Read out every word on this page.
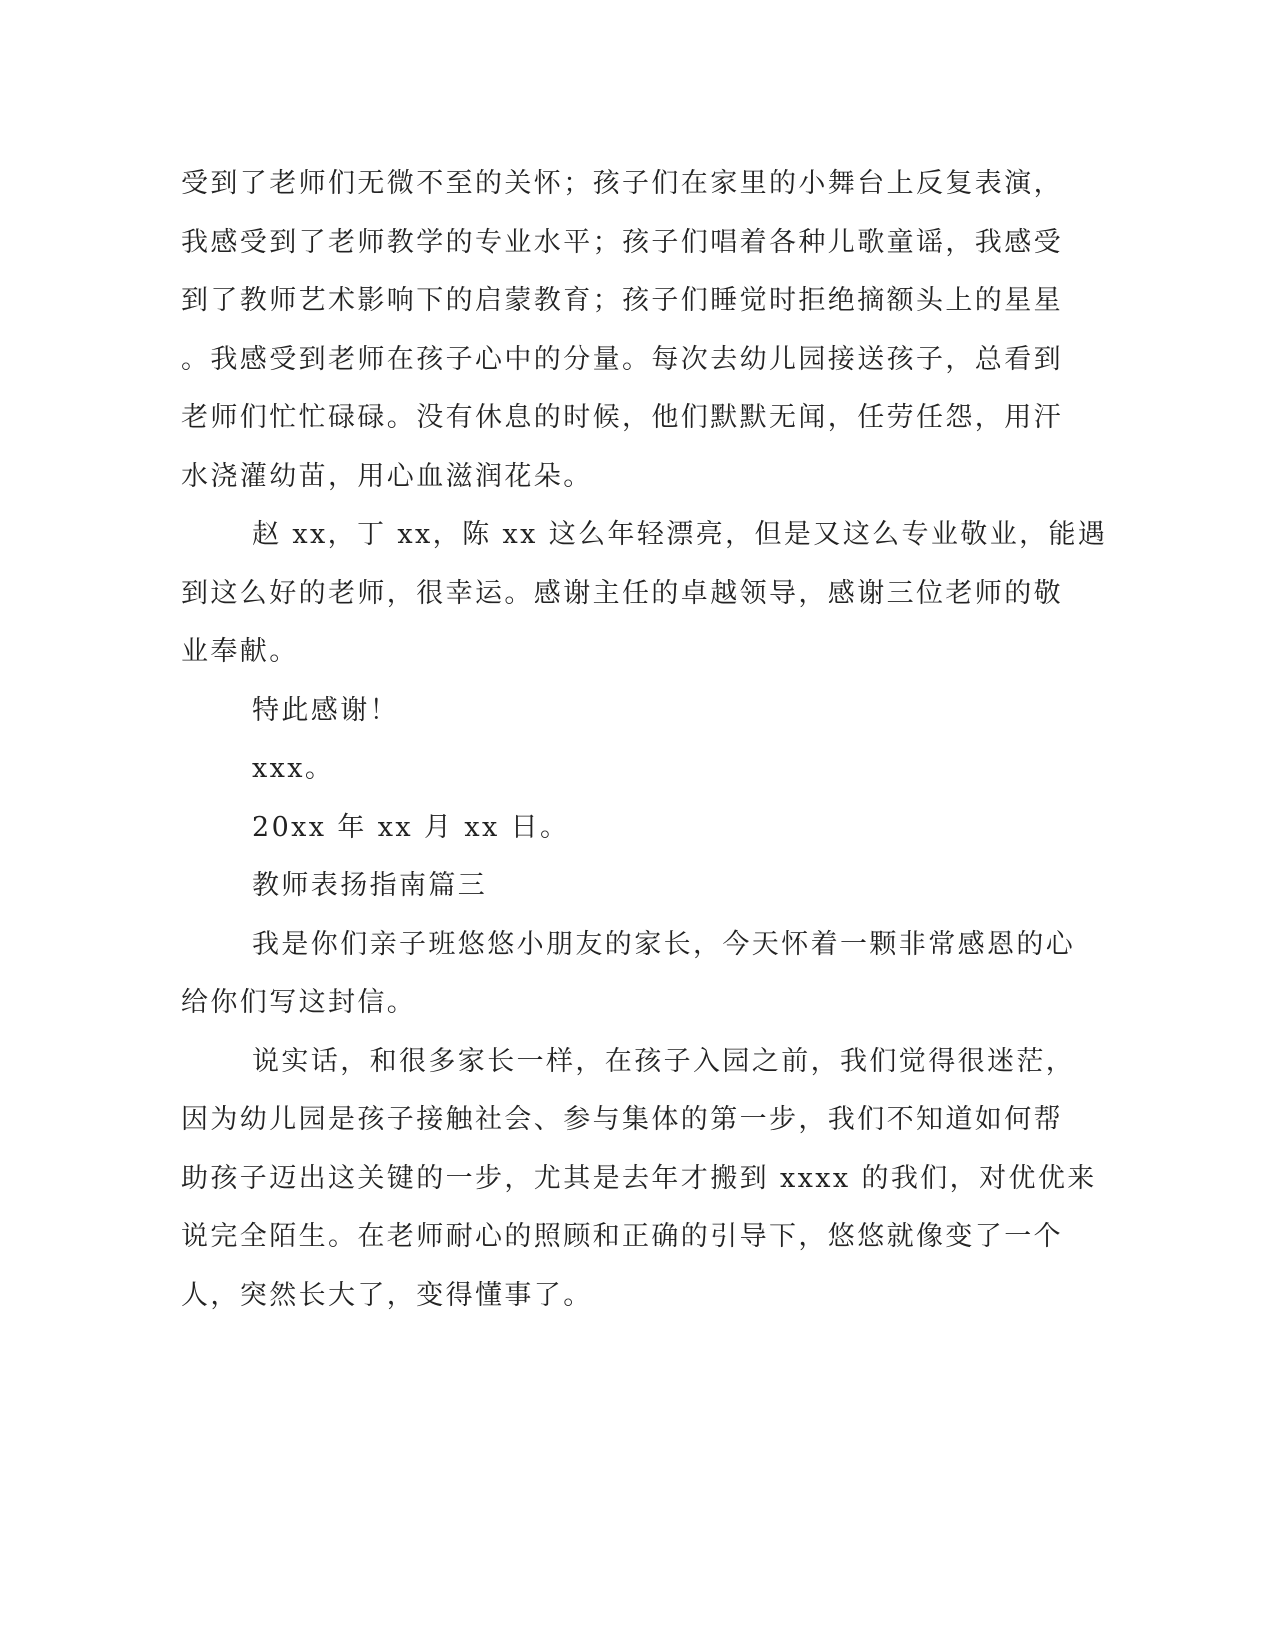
受到了老师们无微不至的关怀；孩子们在家里的小舞台上反复表演，
我感受到了老师教学的专业水平；孩子们唱着各种儿歌童谣，我感受
到了教师艺术影响下的启蒙教育；孩子们睡觉时拒绝摘额头上的星星
。我感受到老师在孩子心中的分量。每次去幼儿园接送孩子，总看到
老师们忙忙碌碌。没有休息的时候，他们默默无闻，任劳任怨，用汗
水浇灌幼苗，用心血滋润花朵。
赵 xx，丁 xx，陈 xx 这么年轻漂亮，但是又这么专业敬业，能遇
到这么好的老师，很幸运。感谢主任的卓越领导，感谢三位老师的敬
业奉献。
特此感谢！
xxx。
20xx 年 xx 月 xx 日。
教师表扬指南篇三
我是你们亲子班悠悠小朋友的家长，今天怀着一颗非常感恩的心
给你们写这封信。
说实话，和很多家长一样，在孩子入园之前，我们觉得很迷茫，
因为幼儿园是孩子接触社会、参与集体的第一步，我们不知道如何帮
助孩子迈出这关键的一步，尤其是去年才搬到 xxxx 的我们，对优优来
说完全陌生。在老师耐心的照顾和正确的引导下，悠悠就像变了一个
人，突然长大了，变得懂事了。
